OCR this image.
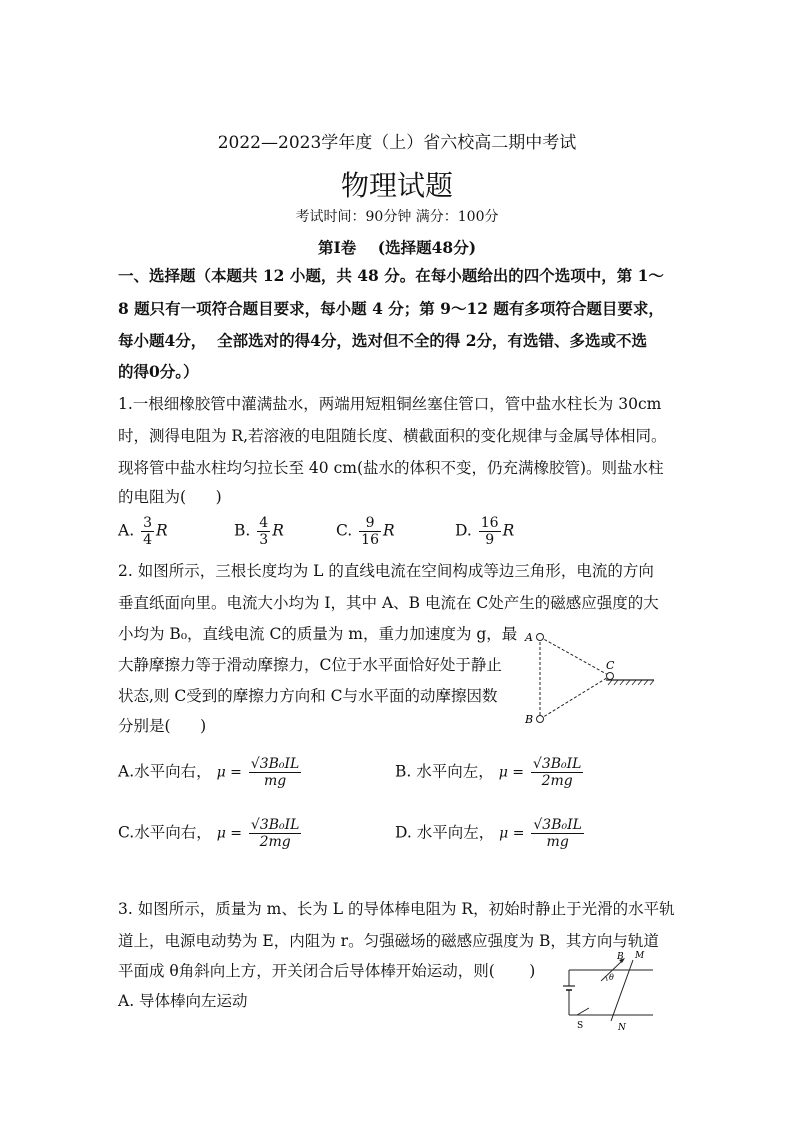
2022—2023学年度（上）省六校高二期中考试
物理试题
考试时间：90分钟 满分：100分
第Ⅰ卷    (选择题48分)
一、选择题（本题共 12 小题，共 48 分。在每小题给出的四个选项中，第 1～
8 题只有一项符合题目要求，每小题 4 分；第 9～12 题有多项符合题目要求，
每小题4分，  全部选对的得4分，选对但不全的得 2分，有选错、多选或不选
的得0分。）
1.一根细橡胶管中灌满盐水，两端用短粗铜丝塞住管口，管中盐水柱长为 30cm
时，测得电阻为 R,若溶液的电阻随长度、横截面积的变化规律与金属导体相同。
现将管中盐水柱均匀拉长至 40 cm(盐水的体积不变，仍充满橡胶管)。则盐水柱
的电阻为(      )
A. $\frac{3}{4}$ R	B. $\frac{4}{3}$ R	C. $\frac{9}{16}$ R	D. $\frac{16}{9}$ R
2. 如图所示，三根长度均为 L 的直线电流在空间构成等边三角形，电流的方向
垂直纸面向里。电流大小均为 I，其中 A、B 电流在 C处产生的磁感应强度的大
小均为 B₀，直线电流 C的质量为 m，重力加速度为 g，最
大静摩擦力等于滑动摩擦力，C位于水平面恰好处于静止
状态,则 C受到的摩擦力方向和 C与水平面的动摩擦因数
分别是(      )
A
B
C
A.水平向右， $\mu = \frac{\text{√3B₀IL}}{mg}$	B. 水平向左， $\mu = \frac{\text{√3B₀IL}}{2mg}$
C.水平向右， $\mu = \frac{\text{√3B₀IL}}{2mg}$	D. 水平向左， $\mu = \frac{\text{√3B₀IL}}{mg}$
3. 如图所示，质量为 m、长为 L 的导体棒电阻为 R，初始时静止于光滑的水平轨
道上，电源电动势为 E，内阻为 r。匀强磁场的磁感应强度为 B，其方向与轨道
平面成 θ角斜向上方，开关闭合后导体棒开始运动，则(       )
A. 导体棒向左运动
B M
θ
S	N
